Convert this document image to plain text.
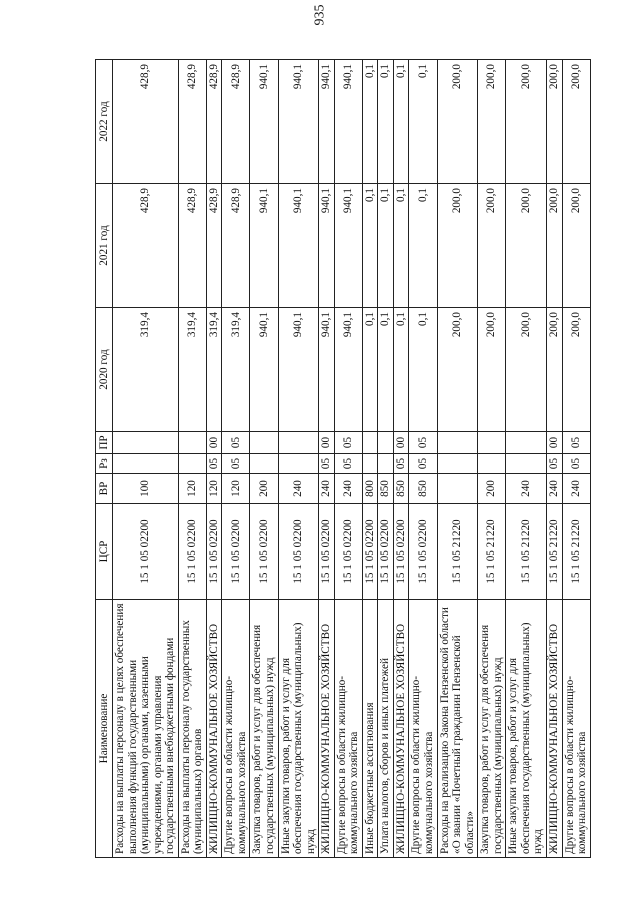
935
Наименование	ЦСР	ВР	Рз	ПР	2020 год	2021 год	2022 год
Расходы на выплаты персоналу в целях обеспечения выполнения функций государственными (муниципальными) органами, казенными учреждениями, органами управления государственными внебюджетными фондами	15 1 05 02200	100			319,4	428,9	428,9
Расходы на выплаты персоналу государственных (муниципальных) органов	15 1 05 02200	120			319,4	428,9	428,9
ЖИЛИЩНО-КОММУНАЛЬНОЕ ХОЗЯЙСТВО	15 1 05 02200	120	05	00	319,4	428,9	428,9
Другие вопросы в области жилищно-коммунального хозяйства	15 1 05 02200	120	05	05	319,4	428,9	428,9
Закупка товаров, работ и услуг для обеспечения государственных (муниципальных) нужд	15 1 05 02200	200			940,1	940,1	940,1
Иные закупки товаров, работ и услуг для обеспечения государственных (муниципальных) нужд	15 1 05 02200	240			940,1	940,1	940,1
ЖИЛИЩНО-КОММУНАЛЬНОЕ ХОЗЯЙСТВО	15 1 05 02200	240	05	00	940,1	940,1	940,1
Другие вопросы в области жилищно-коммунального хозяйства	15 1 05 02200	240	05	05	940,1	940,1	940,1
Иные бюджетные ассигнования	15 1 05 02200	800			0,1	0,1	0,1
Уплата налогов, сборов и иных платежей	15 1 05 02200	850			0,1	0,1	0,1
ЖИЛИЩНО-КОММУНАЛЬНОЕ ХОЗЯЙСТВО	15 1 05 02200	850	05	00	0,1	0,1	0,1
Другие вопросы в области жилищно-коммунального хозяйства	15 1 05 02200	850	05	05	0,1	0,1	0,1
Расходы на реализацию Закона Пензенской области «О звании «Почетный гражданин Пензенской области»	15 1 05 21220				200,0	200,0	200,0
Закупка товаров, работ и услуг для обеспечения государственных (муниципальных) нужд	15 1 05 21220	200			200,0	200,0	200,0
Иные закупки товаров, работ и услуг для обеспечения государственных (муниципальных) нужд	15 1 05 21220	240			200,0	200,0	200,0
ЖИЛИЩНО-КОММУНАЛЬНОЕ ХОЗЯЙСТВО	15 1 05 21220	240	05	00	200,0	200,0	200,0
Другие вопросы в области жилищно-коммунального хозяйства	15 1 05 21220	240	05	05	200,0	200,0	200,0
